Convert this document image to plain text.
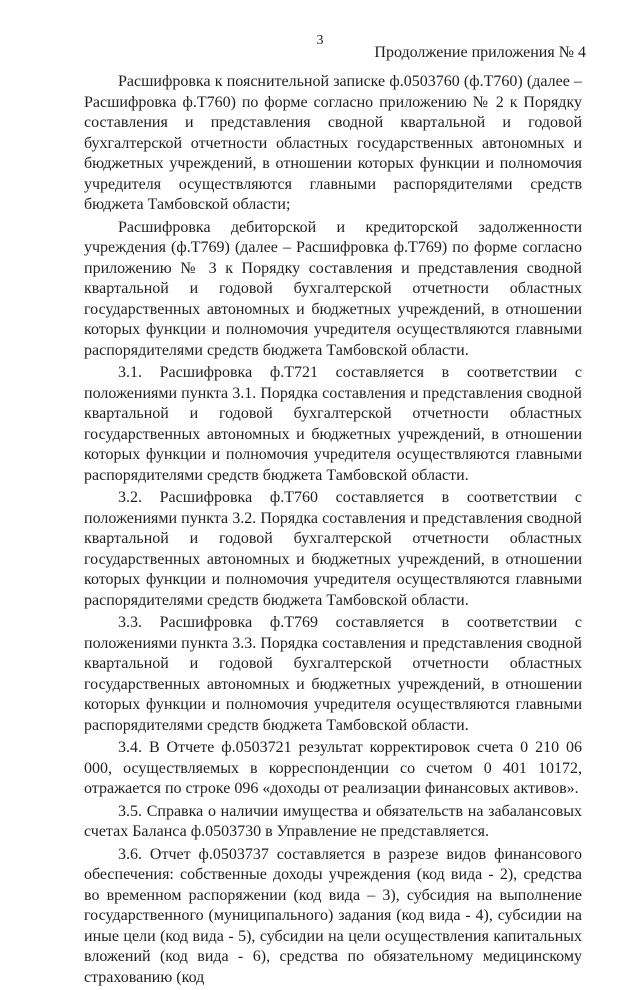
3
Продолжение приложения № 4

Расшифровка к пояснительной записке ф.0503760 (ф.Т760) (далее – Расшифровка ф.Т760) по форме согласно приложению № 2 к Порядку составления и представления сводной квартальной и годовой бухгалтерской отчетности областных государственных автономных и бюджетных учреждений, в отношении которых функции и полномочия учредителя осуществляются главными распорядителями средств бюджета Тамбовской области;

Расшифровка дебиторской и кредиторской задолженности учреждения (ф.Т769) (далее – Расшифровка ф.Т769) по форме согласно приложению № 3 к Порядку составления и представления сводной квартальной и годовой бухгалтерской отчетности областных государственных автономных и бюджетных учреждений, в отношении которых функции и полномочия учредителя осуществляются главными распорядителями средств бюджета Тамбовской области.

3.1. Расшифровка ф.Т721 составляется в соответствии с положениями пункта 3.1. Порядка составления и представления сводной квартальной и годовой бухгалтерской отчетности областных государственных автономных и бюджетных учреждений, в отношении которых функции и полномочия учредителя осуществляются главными распорядителями средств бюджета Тамбовской области.

3.2. Расшифровка ф.Т760 составляется в соответствии с положениями пункта 3.2. Порядка составления и представления сводной квартальной и годовой бухгалтерской отчетности областных государственных автономных и бюджетных учреждений, в отношении которых функции и полномочия учредителя осуществляются главными распорядителями средств бюджета Тамбовской области.

3.3. Расшифровка ф.Т769 составляется в соответствии с положениями пункта 3.3. Порядка составления и представления сводной квартальной и годовой бухгалтерской отчетности областных государственных автономных и бюджетных учреждений, в отношении которых функции и полномочия учредителя осуществляются главными распорядителями средств бюджета Тамбовской области.

3.4. В Отчете ф.0503721 результат корректировок счета 0 210 06 000, осуществляемых в корреспонденции со счетом 0 401 10172, отражается по строке 096 «доходы от реализации финансовых активов».

3.5. Справка о наличии имущества и обязательств на забалансовых счетах Баланса ф.0503730 в Управление не представляется.

3.6. Отчет ф.0503737 составляется в разрезе видов финансового обеспечения: собственные доходы учреждения (код вида - 2), средства во временном распоряжении (код вида – 3), субсидия на выполнение государственного (муниципального) задания (код вида - 4), субсидии на иные цели (код вида - 5), субсидии на цели осуществления капитальных вложений (код вида - 6), средства по обязательному медицинскому страхованию (код
